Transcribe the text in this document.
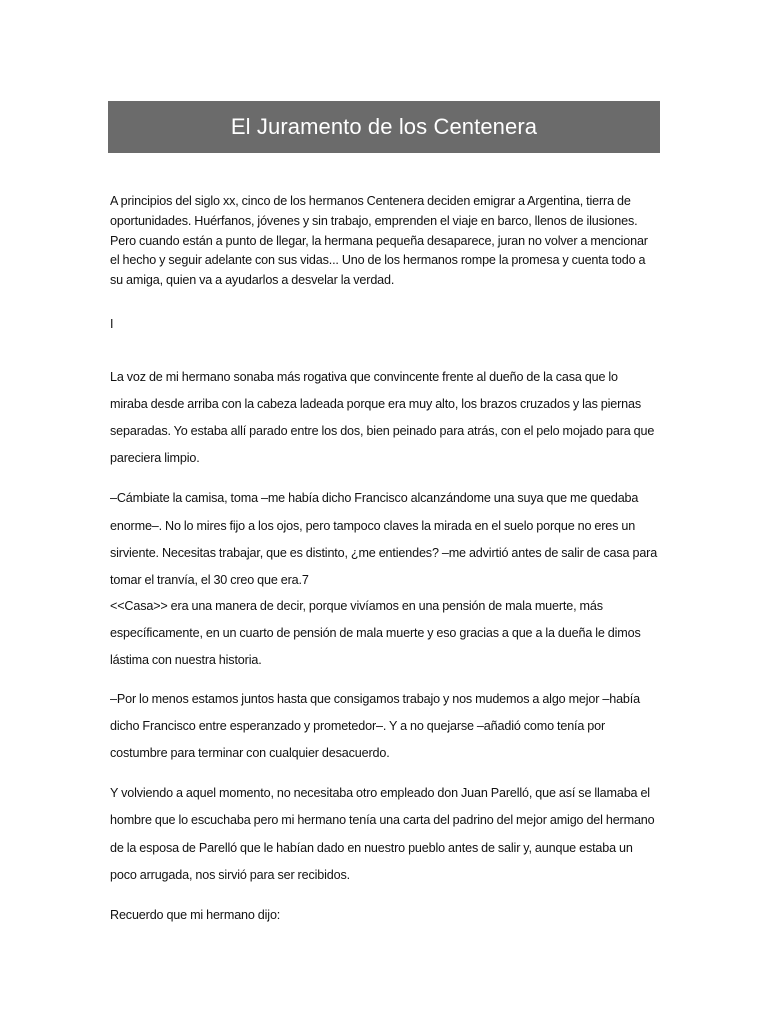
El Juramento de los Centenera

A principios del siglo xx, cinco de los hermanos Centenera deciden emigrar a Argentina, tierra de oportunidades. Huérfanos, jóvenes y sin trabajo, emprenden el viaje en barco, llenos de ilusiones. Pero cuando están a punto de llegar, la hermana pequeña desaparece, juran no volver a mencionar el hecho y seguir adelante con sus vidas... Uno de los hermanos rompe la promesa y cuenta todo a su amiga, quien va a ayudarlos a desvelar la verdad.

I

La voz de mi hermano sonaba más rogativa que convincente frente al dueño de la casa que lo miraba desde arriba con la cabeza ladeada porque era muy alto, los brazos cruzados y las piernas separadas. Yo estaba allí parado entre los dos, bien peinado para atrás, con el pelo mojado para que pareciera limpio.

–Cámbiate la camisa, toma –me había dicho Francisco alcanzándome una suya que me quedaba enorme–. No lo mires fijo a los ojos, pero tampoco claves la mirada en el suelo porque no eres un sirviente. Necesitas trabajar, que es distinto, ¿me entiendes? –me advirtió antes de salir de casa para tomar el tranvía, el 30 creo que era.7

<<Casa>> era una manera de decir, porque vivíamos en una pensión de mala muerte, más específicamente, en un cuarto de pensión de mala muerte y eso gracias a que a la dueña le dimos lástima con nuestra historia.

–Por lo menos estamos juntos hasta que consigamos trabajo y nos mudemos a algo mejor –había dicho Francisco entre esperanzado y prometedor–. Y a no quejarse –añadió como tenía por costumbre para terminar con cualquier desacuerdo.

Y volviendo a aquel momento, no necesitaba otro empleado don Juan Parelló, que así se llamaba el hombre que lo escuchaba pero mi hermano tenía una carta del padrino del mejor amigo del hermano de la esposa de Parelló que le habían dado en nuestro pueblo antes de salir y, aunque estaba un poco arrugada, nos sirvió para ser recibidos.

Recuerdo que mi hermano dijo:
